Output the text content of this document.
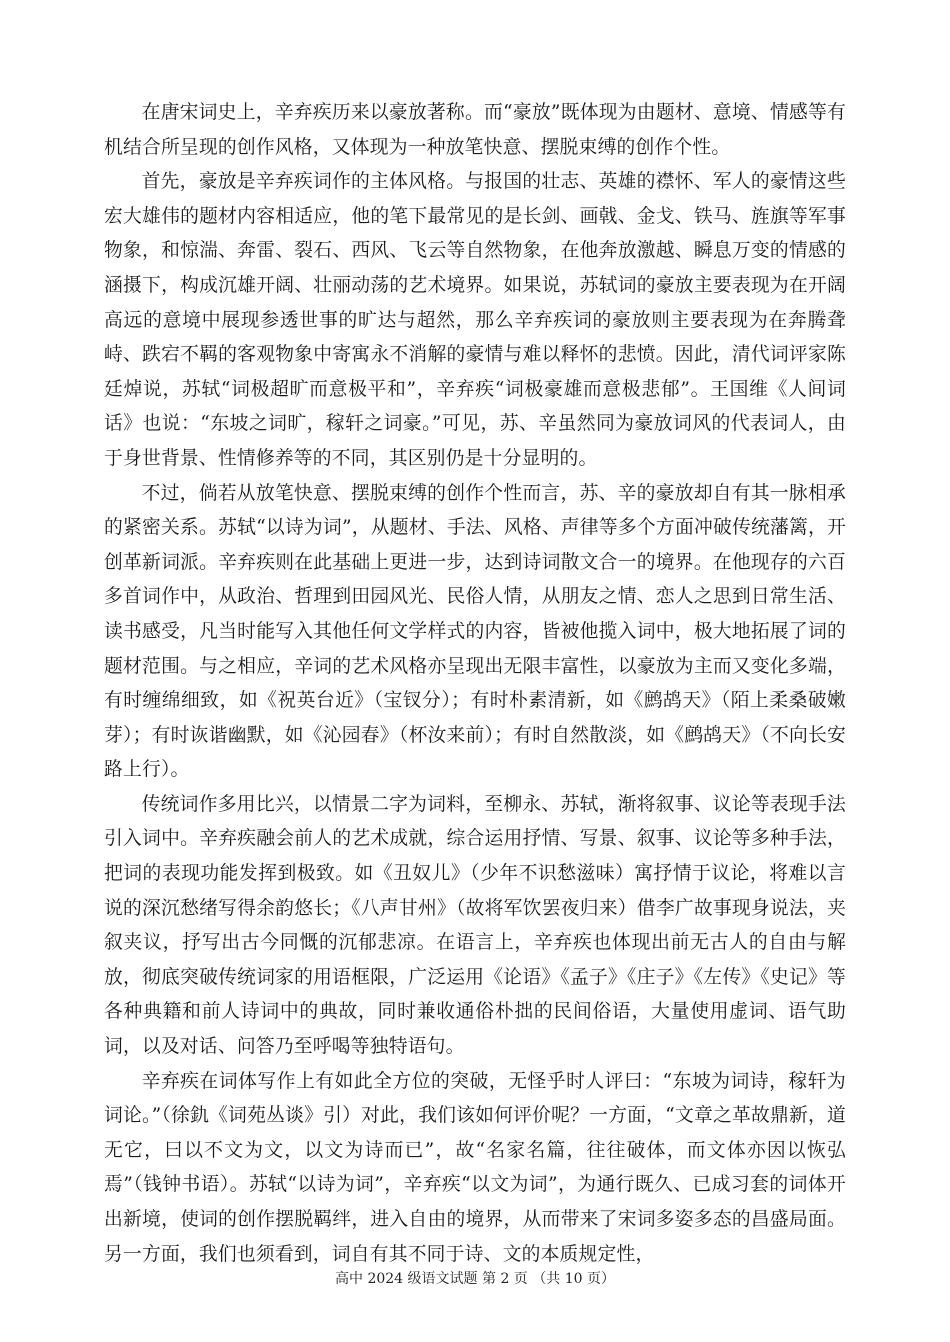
在唐宋词史上，辛弃疾历来以豪放著称。而“豪放”既体现为由题材、意境、情感等有机结合所呈现的创作风格，又体现为一种放笔快意、摆脱束缚的创作个性。

首先，豪放是辛弃疾词作的主体风格。与报国的壮志、英雄的襟怀、军人的豪情这些宏大雄伟的题材内容相适应，他的笔下最常见的是长剑、画戟、金戈、铁马、旌旗等军事物象，和惊湍、奔雷、裂石、西风、飞云等自然物象，在他奔放激越、瞬息万变的情感的涵摄下，构成沉雄开阔、壮丽动荡的艺术境界。如果说，苏轼词的豪放主要表现为在开阔高远的意境中展现参透世事的旷达与超然，那么辛弃疾词的豪放则主要表现为在奔腾聋峙、跌宕不羁的客观物象中寄寓永不消解的豪情与难以释怀的悲愤。因此，清代词评家陈廷焯说，苏轼“词极超旷而意极平和”，辛弃疾“词极豪雄而意极悲郁”。王国维《人间词话》也说：“东坡之词旷，稼轩之词豪。”可见，苏、辛虽然同为豪放词风的代表词人，由于身世背景、性情修养等的不同，其区别仍是十分显明的。

不过，倘若从放笔快意、摆脱束缚的创作个性而言，苏、辛的豪放却自有其一脉相承的紧密关系。苏轼“以诗为词”，从题材、手法、风格、声律等多个方面冲破传统藩篱，开创革新词派。辛弃疾则在此基础上更进一步，达到诗词散文合一的境界。在他现存的六百多首词作中，从政治、哲理到田园风光、民俗人情，从朋友之情、恋人之思到日常生活、读书感受，凡当时能写入其他任何文学样式的内容，皆被他揽入词中，极大地拓展了词的题材范围。与之相应，辛词的艺术风格亦呈现出无限丰富性，以豪放为主而又变化多端，有时缠绵细致，如《祝英台近》（宝钗分）；有时朴素清新，如《鹧鸪天》（陌上柔桑破嫩芽）；有时诙谐幽默，如《沁园春》（杯汝来前）；有时自然散淡，如《鹧鸪天》（不向长安路上行）。

传统词作多用比兴，以情景二字为词料，至柳永、苏轼，渐将叙事、议论等表现手法引入词中。辛弃疾融会前人的艺术成就，综合运用抒情、写景、叙事、议论等多种手法，把词的表现功能发挥到极致。如《丑奴儿》（少年不识愁滋味）寓抒情于议论，将难以言说的深沉愁绪写得余韵悠长；《八声甘州》（故将军饮罢夜归来）借李广故事现身说法，夹叙夹议，抒写出古今同慨的沉郁悲凉。在语言上，辛弃疾也体现出前无古人的自由与解放，彻底突破传统词家的用语框限，广泛运用《论语》《孟子》《庄子》《左传》《史记》等各种典籍和前人诗词中的典故，同时兼收通俗朴拙的民间俗语，大量使用虚词、语气助词，以及对话、问答乃至呼喝等独特语句。

辛弃疾在词体写作上有如此全方位的突破，无怪乎时人评曰：“东坡为词诗，稼轩为词论。”（徐釚《词苑丛谈》引）对此，我们该如何评价呢？一方面，“文章之革故鼎新，道无它，曰以不文为文，以文为诗而已”，故“名家名篇，往往破体，而文体亦因以恢弘焉”（钱钟书语）。苏轼“以诗为词”，辛弃疾“以文为词”，为通行既久、已成习套的词体开出新境，使词的创作摆脱羁绊，进入自由的境界，从而带来了宋词多姿多态的昌盛局面。另一方面，我们也须看到，词自有其不同于诗、文的本质规定性，

高中 2024 级语文试题 第 2 页 （共 10 页）
